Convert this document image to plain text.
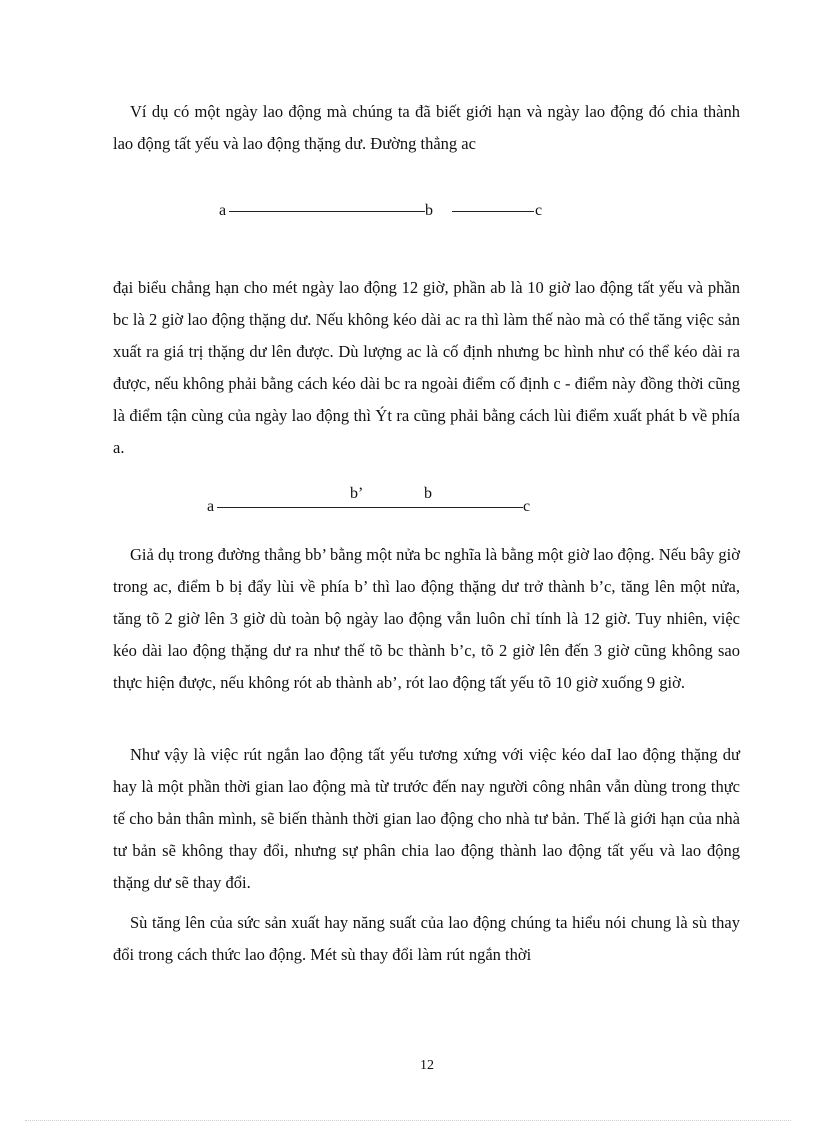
Ví dụ có một ngày lao động mà chúng ta đã biết giới hạn và ngày lao động đó chia thành lao động tất yếu và lao động thặng dư. Đường thẳng ac

a	b	c

đại biểu chẳng hạn cho mét ngày lao động 12 giờ, phần ab là 10 giờ lao động tất yếu và phần bc là 2 giờ lao động thặng dư. Nếu không kéo dài ac ra thì làm thế nào mà có thể tăng việc sản xuất ra giá trị thặng dư lên được. Dù lượng ac là cố định nhưng bc hình như có thể kéo dài ra được, nếu không phải bằng cách kéo dài bc ra ngoài điểm cố định c - điểm này đồng thời cũng là điểm tận cùng của ngày lao động thì Ýt ra cũng phải bằng cách lùi điểm xuất phát b về phía a.

b’	b
a	c

Giả dụ trong đường thẳng bb’ bằng một nửa bc nghĩa là bằng một giờ lao động. Nếu bây giờ trong ac, điểm b bị đẩy lùi về phía b’ thì lao động thặng dư trở thành b’c, tăng lên một nửa, tăng tõ 2 giờ lên 3 giờ dù toàn bộ ngày lao động vẫn luôn chỉ tính là 12 giờ. Tuy nhiên, việc kéo dài lao động thặng dư ra như thế tõ bc thành b’c, tõ 2 giờ lên đến 3 giờ cũng không sao thực hiện được, nếu không rót ab thành ab’, rót lao động tất yếu tõ 10 giờ xuống 9 giờ.

Như vậy là việc rút ngắn lao động tất yếu tương xứng với việc kéo daI lao động thặng dư hay là một phần thời gian lao động mà từ trước đến nay người công nhân vẫn dùng trong thực tế cho bản thân mình, sẽ biến thành thời gian lao động cho nhà tư bản. Thế là giới hạn của nhà tư bản sẽ không thay đổi, nhưng sự phân chia lao động thành lao động tất yếu và lao động thặng dư sẽ thay đổi.

Sù tăng lên của sức sản xuất hay năng suất của lao động chúng ta hiểu nói chung là sù thay đổi trong cách thức lao động. Mét sù thay đổi làm rút ngắn thời

12
